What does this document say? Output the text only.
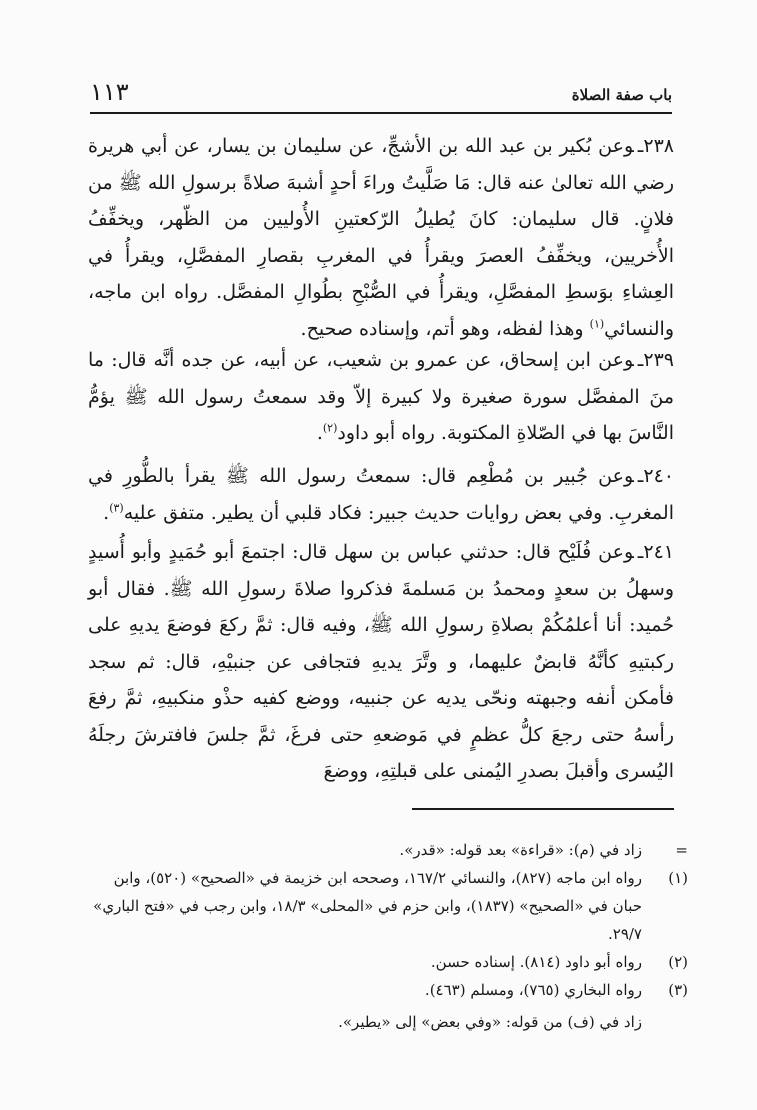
باب صفة الصلاة
١١٣

٢٣٨ـوعن بُكير بن عبد الله بن الأشجِّ، عن سليمان بن يسار، عن أبي هريرة رضي الله تعالىٰ عنه قال: مَا صَلَّيتُ وراءَ أحدٍ أشبهَ صلاةً برسولِ الله ﷺ من فلانٍ. قال سليمان: كانَ يُطيلُ الرّكعتينِ الأُوليين من الظّهر، ويخفِّفُ الأُخريين، ويخفِّفُ العصرَ ويقرأُ في المغربِ بقصارِ المفصَّلِ، ويقرأُ في العِشاءِ بوَسطِ المفصَّلِ، ويقرأُ في الصُّبْحِ بطُوالِ المفصَّل. رواه ابن ماجه، والنسائي$^{(١)}$ وهذا لفظه، وهو أتم، وإسناده صحيح.

٢٣٩ـوعن ابن إسحاق، عن عمرو بن شعيب، عن أبيه، عن جده أنَّه قال: ما منَ المفصَّل سورة صغيرة ولا كبيرة إلاّ وقد سمعتُ رسول الله ﷺ يؤمُّ النَّاسَ بها في الصّلاةِ المكتوبة. رواه أبو داود$^{(٢)}$.

٢٤٠ـوعن جُبير بن مُطْعِم قال: سمعتُ رسول الله ﷺ يقرأ بالطُّورِ في المغربِ. وفي بعض روايات حديث جبير: فكاد قلبي أن يطير. متفق عليه$^{(٣)}$.

٢٤١ـوعن فُلَيْح قال: حدثني عباس بن سهل قال: اجتمعَ أبو حُمَيدٍ وأبو أُسيدٍ وسهلُ بن سعدٍ ومحمدُ بن مَسلمةَ فذكروا صلاةَ رسولِ الله ﷺ. فقال أبو حُميد: أنا أعلمُكُمْ بصلاةِ رسولِ الله ﷺ، وفيه قال: ثمَّ ركعَ فوضعَ يديهِ على ركبتيهِ كأنَّهُ قابضٌ عليهما، و وتَّرَ يديهِ فتجافى عن جنبيْهِ، قال: ثم سجد فأمكن أنفه وجبهته ونحّى يديه عن جنبيه، ووضع كفيه حذْو منكبيهِ، ثمَّ رفعَ رأسهُ حتى رجعَ كلُّ عظمٍ في مَوضعهِ حتى فرغَ، ثمَّ جلسَ فافترشَ رجلَهُ اليُسرى وأقبلَ بصدرِ اليُمنى على قبلتِهِ، ووضعَ

=
زاد في (م): «قراءة» بعد قوله: «قدر».

(١)
رواه ابن ماجه (٨٢٧)، والنسائي ١٦٧/٢، وصححه ابن خزيمة في «الصحيح» (٥٢٠)، وابن حبان في «الصحيح» (١٨٣٧)، وابن حزم في «المحلى» ١٨/٣، وابن رجب في «فتح الباري» ٢٩/٧.

(٢)
رواه أبو داود (٨١٤). إسناده حسن.

(٣)
رواه البخاري (٧٦٥)، ومسلم (٤٦٣).

زاد في (ف) من قوله: «وفي بعض» إلى «يطير».
